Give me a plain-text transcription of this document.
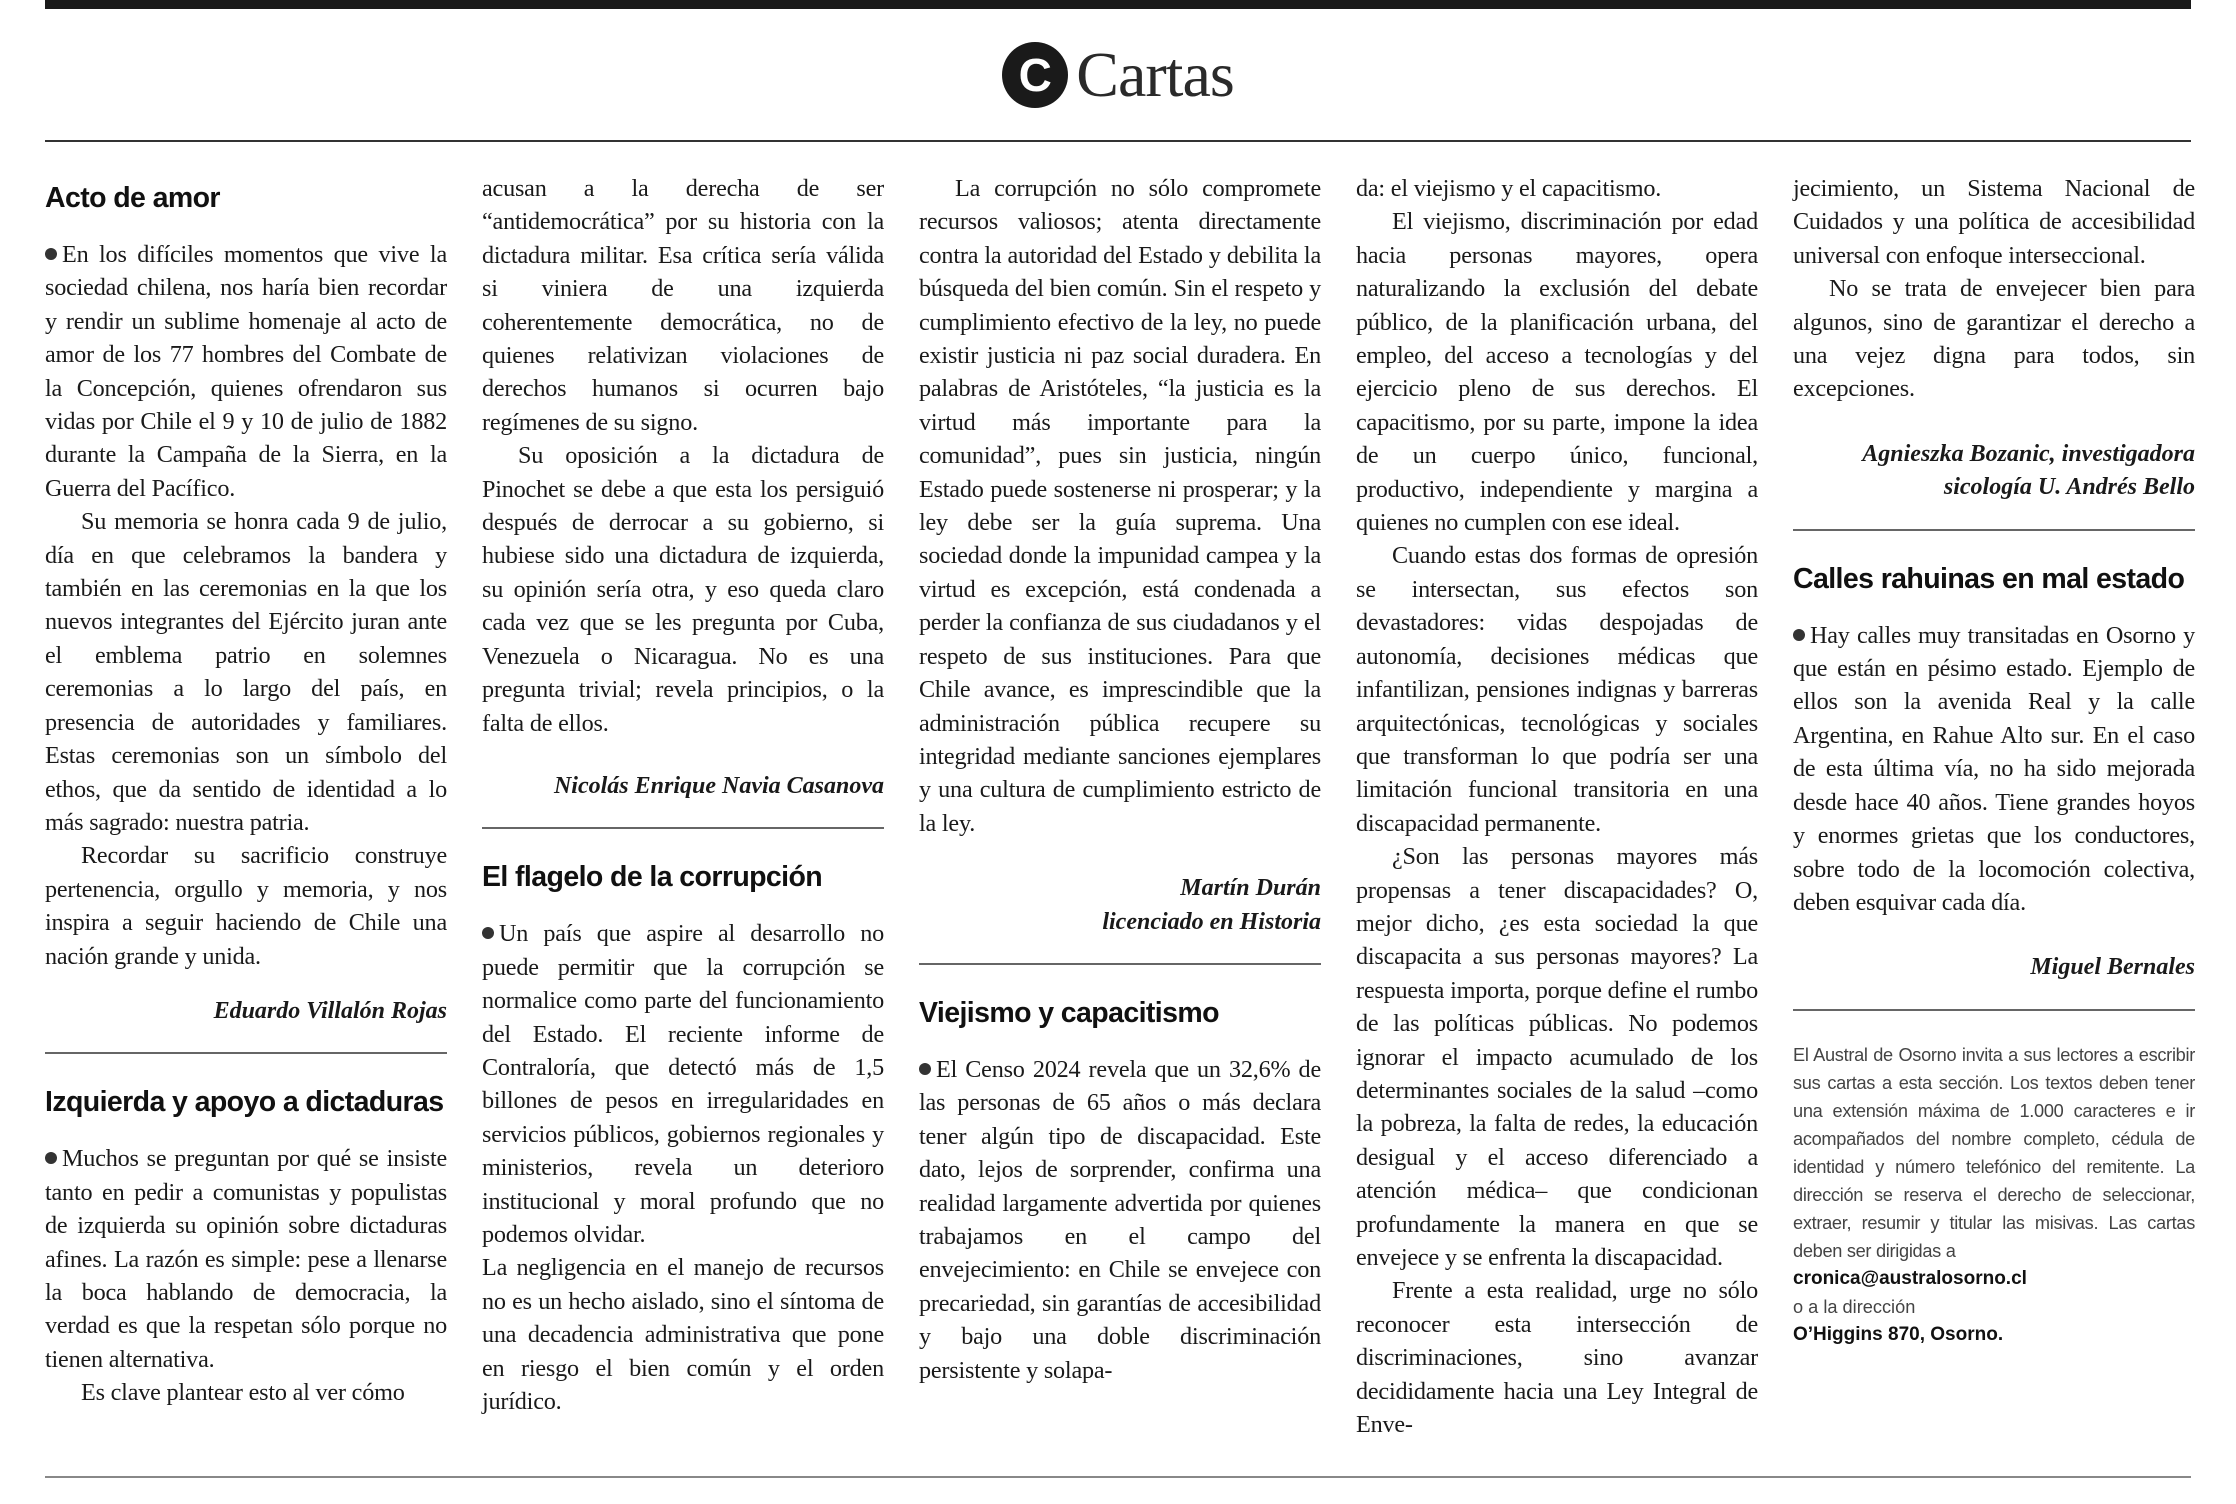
C Cartas
Acto de amor

En los difíciles momentos que vive la sociedad chilena, nos haría bien recordar y rendir un sublime homenaje al acto de amor de los 77 hombres del Combate de la Concepción, quienes ofrendaron sus vidas por Chile el 9 y 10 de julio de 1882 durante la Campaña de la Sierra, en la Guerra del Pacífico.

Su memoria se honra cada 9 de julio, día en que celebramos la bandera y también en las ceremonias en la que los nuevos integrantes del Ejército juran ante el emblema patrio en solemnes ceremonias a lo largo del país, en presencia de autoridades y familiares. Estas ceremonias son un símbolo del ethos, que da sentido de identidad a lo más sagrado: nuestra patria.

Recordar su sacrificio construye pertenencia, orgullo y memoria, y nos inspira a seguir haciendo de Chile una nación grande y unida.

Eduardo Villalón Rojas
Izquierda y apoyo a dictaduras

Muchos se preguntan por qué se insiste tanto en pedir a comunistas y populistas de izquierda su opinión sobre dictaduras afines. La razón es simple: pese a llenarse la boca hablando de democracia, la verdad es que la respetan sólo porque no tienen alternativa.

Es clave plantear esto al ver cómo

acusan a la derecha de ser “antidemocrática” por su historia con la dictadura militar. Esa crítica sería válida si viniera de una izquierda coherentemente democrática, no de quienes relativizan violaciones de derechos humanos si ocurren bajo regímenes de su signo.

Su oposición a la dictadura de Pinochet se debe a que esta los persiguió después de derrocar a su gobierno, si hubiese sido una dictadura de izquierda, su opinión sería otra, y eso queda claro cada vez que se les pregunta por Cuba, Venezuela o Nicaragua. No es una pregunta trivial; revela principios, o la falta de ellos.

Nicolás Enrique Navia Casanova
El flagelo de la corrupción

Un país que aspire al desarrollo no puede permitir que la corrupción se normalice como parte del funcionamiento del Estado. El reciente informe de Contraloría, que detectó más de 1,5 billones de pesos en irregularidades en servicios públicos, gobiernos regionales y ministerios, revela un deterioro institucional y moral profundo que no podemos olvidar.

La negligencia en el manejo de recursos no es un hecho aislado, sino el síntoma de una decadencia administrativa que pone en riesgo el bien común y el orden jurídico.

La corrupción no sólo compromete recursos valiosos; atenta directamente contra la autoridad del Estado y debilita la búsqueda del bien común. Sin el respeto y cumplimiento efectivo de la ley, no puede existir justicia ni paz social duradera. En palabras de Aristóteles, “la justicia es la virtud más importante para la comunidad”, pues sin justicia, ningún Estado puede sostenerse ni prosperar; y la ley debe ser la guía suprema. Una sociedad donde la impunidad campea y la virtud es excepción, está condenada a perder la confianza de sus ciudadanos y el respeto de sus instituciones. Para que Chile avance, es imprescindible que la administración pública recupere su integridad mediante sanciones ejemplares y una cultura de cumplimiento estricto de la ley.

Martín Durán
licenciado en Historia
Viejismo y capacitismo

El Censo 2024 revela que un 32,6% de las personas de 65 años o más declara tener algún tipo de discapacidad. Este dato, lejos de sorprender, confirma una realidad largamente advertida por quienes trabajamos en el campo del envejecimiento: en Chile se envejece con precariedad, sin garantías de accesibilidad y bajo una doble discriminación persistente y solapa-

da: el viejismo y el capacitismo.

El viejismo, discriminación por edad hacia personas mayores, opera naturalizando la exclusión del debate público, de la planificación urbana, del empleo, del acceso a tecnologías y del ejercicio pleno de sus derechos. El capacitismo, por su parte, impone la idea de un cuerpo único, funcional, productivo, independiente y margina a quienes no cumplen con ese ideal.

Cuando estas dos formas de opresión se intersectan, sus efectos son devastadores: vidas despojadas de autonomía, decisiones médicas que infantilizan, pensiones indignas y barreras arquitectónicas, tecnológicas y sociales que transforman lo que podría ser una limitación funcional transitoria en una discapacidad permanente.

¿Son las personas mayores más propensas a tener discapacidades? O, mejor dicho, ¿es esta sociedad la que discapacita a sus personas mayores? La respuesta importa, porque define el rumbo de las políticas públicas. No podemos ignorar el impacto acumulado de los determinantes sociales de la salud –como la pobreza, la falta de redes, la educación desigual y el acceso diferenciado a atención médica– que condicionan profundamente la manera en que se envejece y se enfrenta la discapacidad.

Frente a esta realidad, urge no sólo reconocer esta intersección de discriminaciones, sino avanzar decididamente hacia una Ley Integral de Enve-

jecimiento, un Sistema Nacional de Cuidados y una política de accesibilidad universal con enfoque interseccional.

No se trata de envejecer bien para algunos, sino de garantizar el derecho a una vejez digna para todos, sin excepciones.

Agnieszka Bozanic, investigadora
sicología U. Andrés Bello
Calles rahuinas en mal estado

Hay calles muy transitadas en Osorno y que están en pésimo estado. Ejemplo de ellos son la avenida Real y la calle Argentina, en Rahue Alto sur. En el caso de esta última vía, no ha sido mejorada desde hace 40 años. Tiene grandes hoyos y enormes grietas que los conductores, sobre todo de la locomoción colectiva, deben esquivar cada día.

Miguel Bernales

El Austral de Osorno invita a sus lectores a escribir sus cartas a esta sección. Los textos deben tener una extensión máxima de 1.000 caracteres e ir acompañados del nombre completo, cédula de identidad y número telefónico del remitente. La dirección se reserva el derecho de seleccionar, extraer, resumir y titular las misivas. Las cartas deben ser dirigidas a

cronica@australosorno.cl
o a la dirección
O’Higgins 870, Osorno.
